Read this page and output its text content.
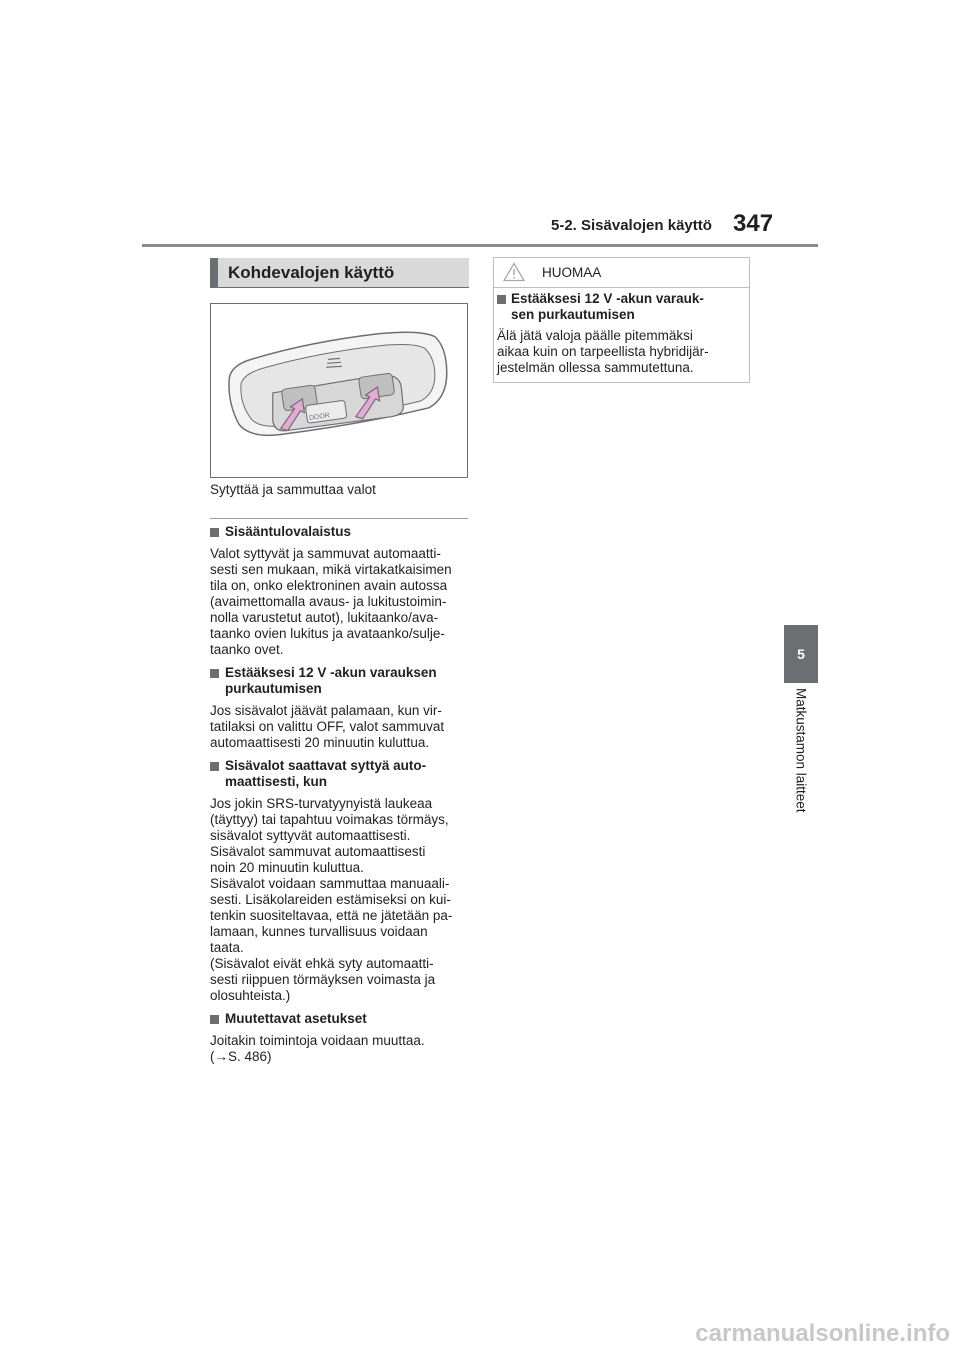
5-2. Sisävalojen käyttö 347
5
Matkustamon laitteet
Kohdevalojen käyttö
DOOR
Sytyttää ja sammuttaa valot
Sisääntulovalaistus
Valot syttyvät ja sammuvat automaatti-
sesti sen mukaan, mikä virtakatkaisimen
tila on, onko elektroninen avain autossa
(avaimettomalla avaus- ja lukitustoimin-
nolla varustetut autot), lukitaanko/ava-
taanko ovien lukitus ja avataanko/sulje-
taanko ovet.
Estääksesi 12 V -akun varauksen
purkautumisen
Jos sisävalot jäävät palamaan, kun vir-
tatilaksi on valittu OFF, valot sammuvat
automaattisesti 20 minuutin kuluttua.
Sisävalot saattavat syttyä auto-
maattisesti, kun
Jos jokin SRS-turvatyynyistä laukeaa
(täyttyy) tai tapahtuu voimakas törmäys,
sisävalot syttyvät automaattisesti.
Sisävalot sammuvat automaattisesti
noin 20 minuutin kuluttua.
Sisävalot voidaan sammuttaa manuaali-
sesti. Lisäkolareiden estämiseksi on kui-
tenkin suositeltavaa, että ne jätetään pa-
lamaan, kunnes turvallisuus voidaan
taata.
(Sisävalot eivät ehkä syty automaatti-
sesti riippuen törmäyksen voimasta ja
olosuhteista.)
Muutettavat asetukset
Joitakin toimintoja voidaan muuttaa.
(→S. 486)
HUOMAA
Estääksesi 12 V -akun varauk-
sen purkautumisen
Älä jätä valoja päälle pitemmäksi
aikaa kuin on tarpeellista hybridijär-
jestelmän ollessa sammutettuna.
carmanualsonline.info
